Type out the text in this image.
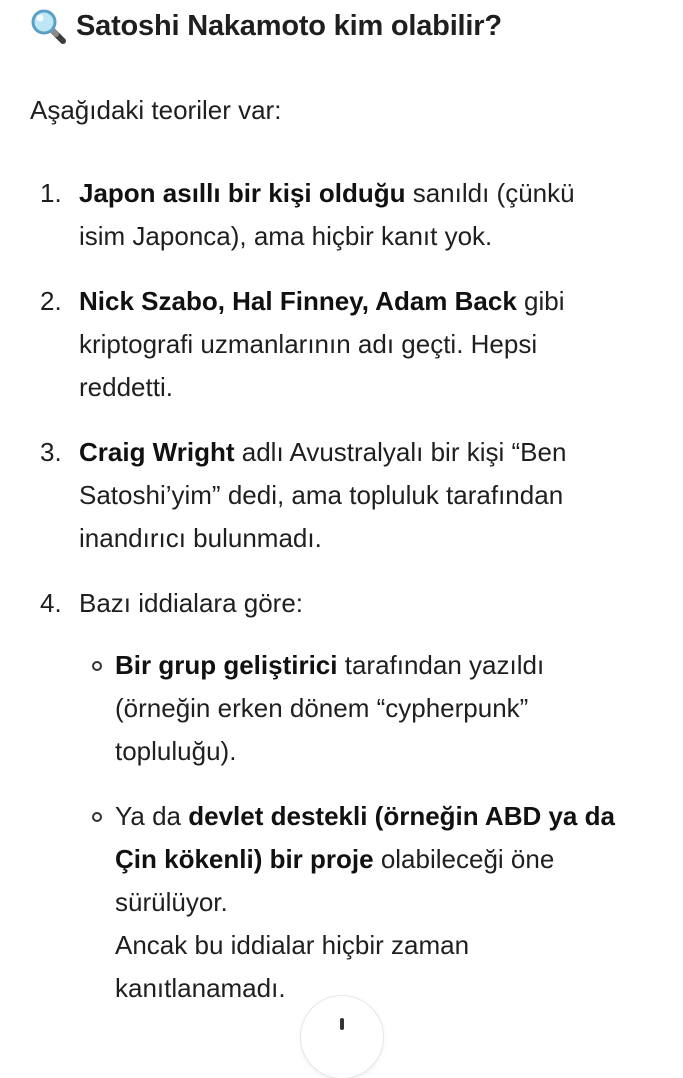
Satoshi Nakamoto kim olabilir?

Aşağıdaki teoriler var:

1. Japon asıllı bir kişi olduğu sanıldı (çünkü
isim Japonca), ama hiçbir kanıt yok.
2. Nick Szabo, Hal Finney, Adam Back gibi
kriptografi uzmanlarının adı geçti. Hepsi
reddetti.
3. Craig Wright adlı Avustralyalı bir kişi “Ben
Satoshi’yim” dedi, ama topluluk tarafından
inandırıcı bulunmadı.
4. Bazı iddialara göre:
Bir grup geliştirici tarafından yazıldı
(örneğin erken dönem “cypherpunk”
topluluğu).
Ya da devlet destekli (örneğin ABD ya da
Çin kökenli) bir proje olabileceği öne
sürülüyor.
Ancak bu iddialar hiçbir zaman
kanıtlanamadı.
